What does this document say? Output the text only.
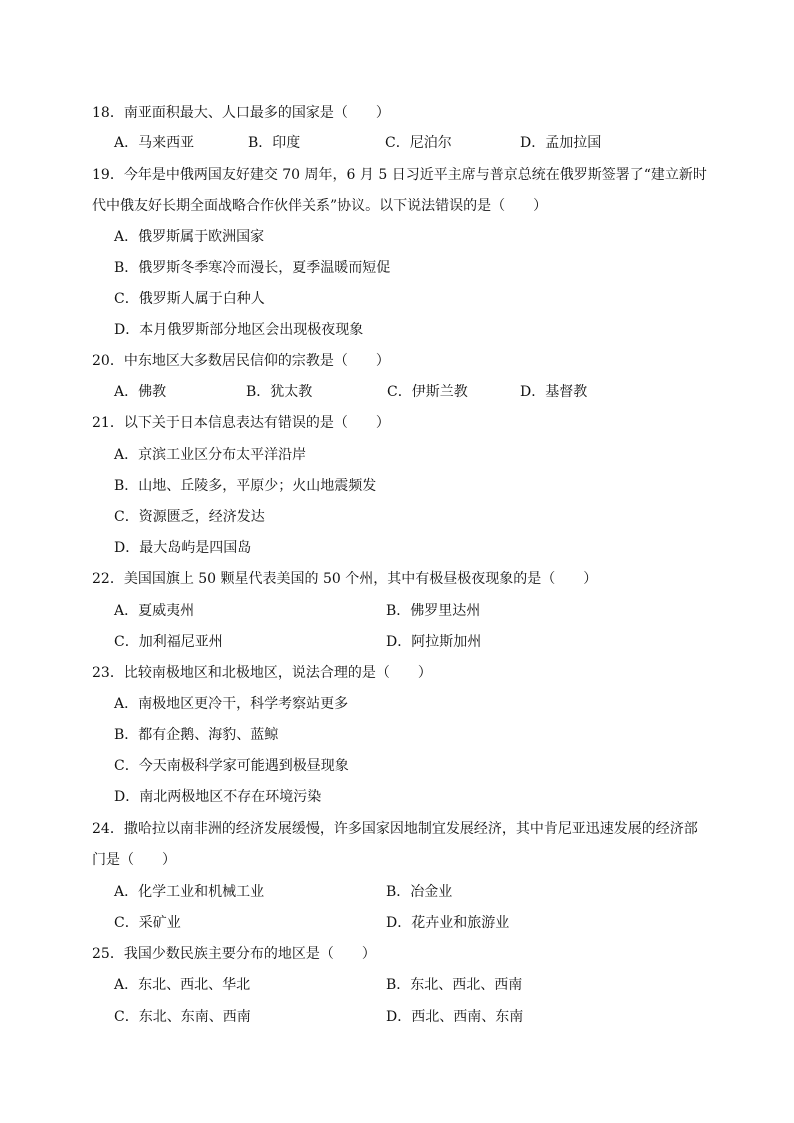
18．南亚面积最大、人口最多的国家是（　　）
A．马来西亚	B．印度	C．尼泊尔	D．孟加拉国
19．今年是中俄两国友好建交 70 周年，6 月 5 日习近平主席与普京总统在俄罗斯签署了“建立新时
代中俄友好长期全面战略合作伙伴关系”协议。以下说法错误的是（　　）
A．俄罗斯属于欧洲国家
B．俄罗斯冬季寒冷而漫长，夏季温暖而短促
C．俄罗斯人属于白种人
D．本月俄罗斯部分地区会出现极夜现象
20．中东地区大多数居民信仰的宗教是（　　）
A．佛教	B．犹太教	C．伊斯兰教	D．基督教
21．以下关于日本信息表达有错误的是（　　）
A．京滨工业区分布太平洋沿岸
B．山地、丘陵多，平原少；火山地震频发
C．资源匮乏，经济发达
D．最大岛屿是四国岛
22．美国国旗上 50 颗星代表美国的 50 个州，其中有极昼极夜现象的是（　　）
A．夏威夷州	B．佛罗里达州
C．加利福尼亚州	D．阿拉斯加州
23．比较南极地区和北极地区，说法合理的是（　　）
A．南极地区更冷干，科学考察站更多
B．都有企鹅、海豹、蓝鲸
C．今天南极科学家可能遇到极昼现象
D．南北两极地区不存在环境污染
24．撒哈拉以南非洲的经济发展缓慢，许多国家因地制宜发展经济，其中肯尼亚迅速发展的经济部
门是（　　）
A．化学工业和机械工业	B．冶金业
C．采矿业	D．花卉业和旅游业
25．我国少数民族主要分布的地区是（　　）
A．东北、西北、华北	B．东北、西北、西南
C．东北、东南、西南	D．西北、西南、东南
